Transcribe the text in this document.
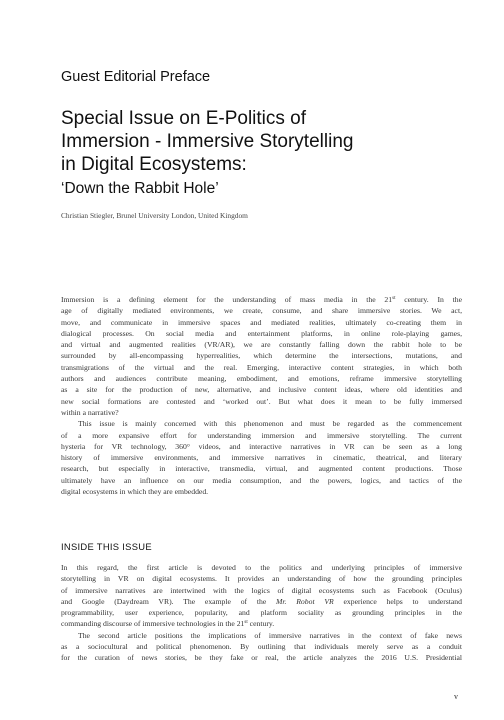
Guest Editorial Preface
Special Issue on E-Politics of
Immersion - Immersive Storytelling
in Digital Ecosystems:
‘Down the Rabbit Hole’
Christian Stiegler, Brunel University London, United Kingdom
Immersion is a defining element for the understanding of mass media in the 21st century. In the
age of digitally mediated environments, we create, consume, and share immersive stories. We act,
move, and communicate in immersive spaces and mediated realities, ultimately co-creating them in
dialogical processes. On social media and entertainment platforms, in online role-playing games,
and virtual and augmented realities (VR/AR), we are constantly falling down the rabbit hole to be
surrounded by all-encompassing hyperrealities, which determine the intersections, mutations, and
transmigrations of the virtual and the real. Emerging, interactive content strategies, in which both
authors and audiences contribute meaning, embodiment, and emotions, reframe immersive storytelling
as a site for the production of new, alternative, and inclusive content ideas, where old identities and
new social formations are contested and ‘worked out’. But what does it mean to be fully immersed
within a narrative?
This issue is mainly concerned with this phenomenon and must be regarded as the commencement
of a more expansive effort for understanding immersion and immersive storytelling. The current
hysteria for VR technology, 360° videos, and interactive narratives in VR can be seen as a long
history of immersive environments, and immersive narratives in cinematic, theatrical, and literary
research, but especially in interactive, transmedia, virtual, and augmented content productions. Those
ultimately have an influence on our media consumption, and the powers, logics, and tactics of the
digital ecosystems in which they are embedded.
INSIDE THIS ISSUE
In this regard, the first article is devoted to the politics and underlying principles of immersive
storytelling in VR on digital ecosystems. It provides an understanding of how the grounding principles
of immersive narratives are intertwined with the logics of digital ecosystems such as Facebook (Oculus)
and Google (Daydream VR). The example of the Mr. Robot VR experience helps to understand
programmability, user experience, popularity, and platform sociality as grounding principles in the
commanding discourse of immersive technologies in the 21st century.
The second article positions the implications of immersive narratives in the context of fake news
as a sociocultural and political phenomenon. By outlining that individuals merely serve as a conduit
for the curation of news stories, be they fake or real, the article analyzes the 2016 U.S. Presidential
v
